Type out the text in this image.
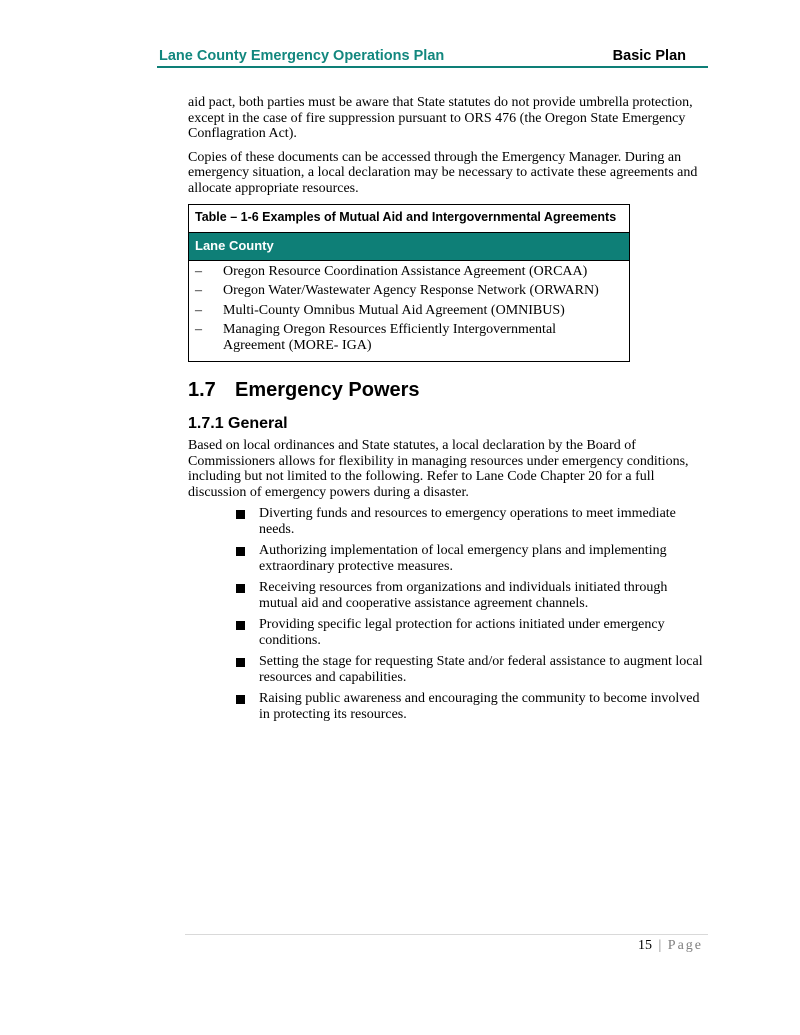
Lane County Emergency Operations Plan	Basic Plan

aid pact, both parties must be aware that State statutes do not provide umbrella protection, except in the case of fire suppression pursuant to ORS 476 (the Oregon State Emergency Conflagration Act).

Copies of these documents can be accessed through the Emergency Manager. During an emergency situation, a local declaration may be necessary to activate these agreements and allocate appropriate resources.

Table – 1-6 Examples of Mutual Aid and Intergovernmental Agreements
Lane County

–	Oregon Resource Coordination Assistance Agreement (ORCAA)
–	Oregon Water/Wastewater Agency Response Network (ORWARN)
–	Multi-County Omnibus Mutual Aid Agreement (OMNIBUS)
–	Managing Oregon Resources Efficiently Intergovernmental Agreement (MORE- IGA)
1.7 Emergency Powers
1.7.1 General

Based on local ordinances and State statutes, a local declaration by the Board of Commissioners allows for flexibility in managing resources under emergency conditions, including but not limited to the following. Refer to Lane Code Chapter 20 for a full discussion of emergency powers during a disaster.

Diverting funds and resources to emergency operations to meet immediate needs.
Authorizing implementation of local emergency plans and implementing extraordinary protective measures.
Receiving resources from organizations and individuals initiated through mutual aid and cooperative assistance agreement channels.
Providing specific legal protection for actions initiated under emergency conditions.
Setting the stage for requesting State and/or federal assistance to augment local resources and capabilities.
Raising public awareness and encouraging the community to become involved in protecting its resources.
15 | Page
